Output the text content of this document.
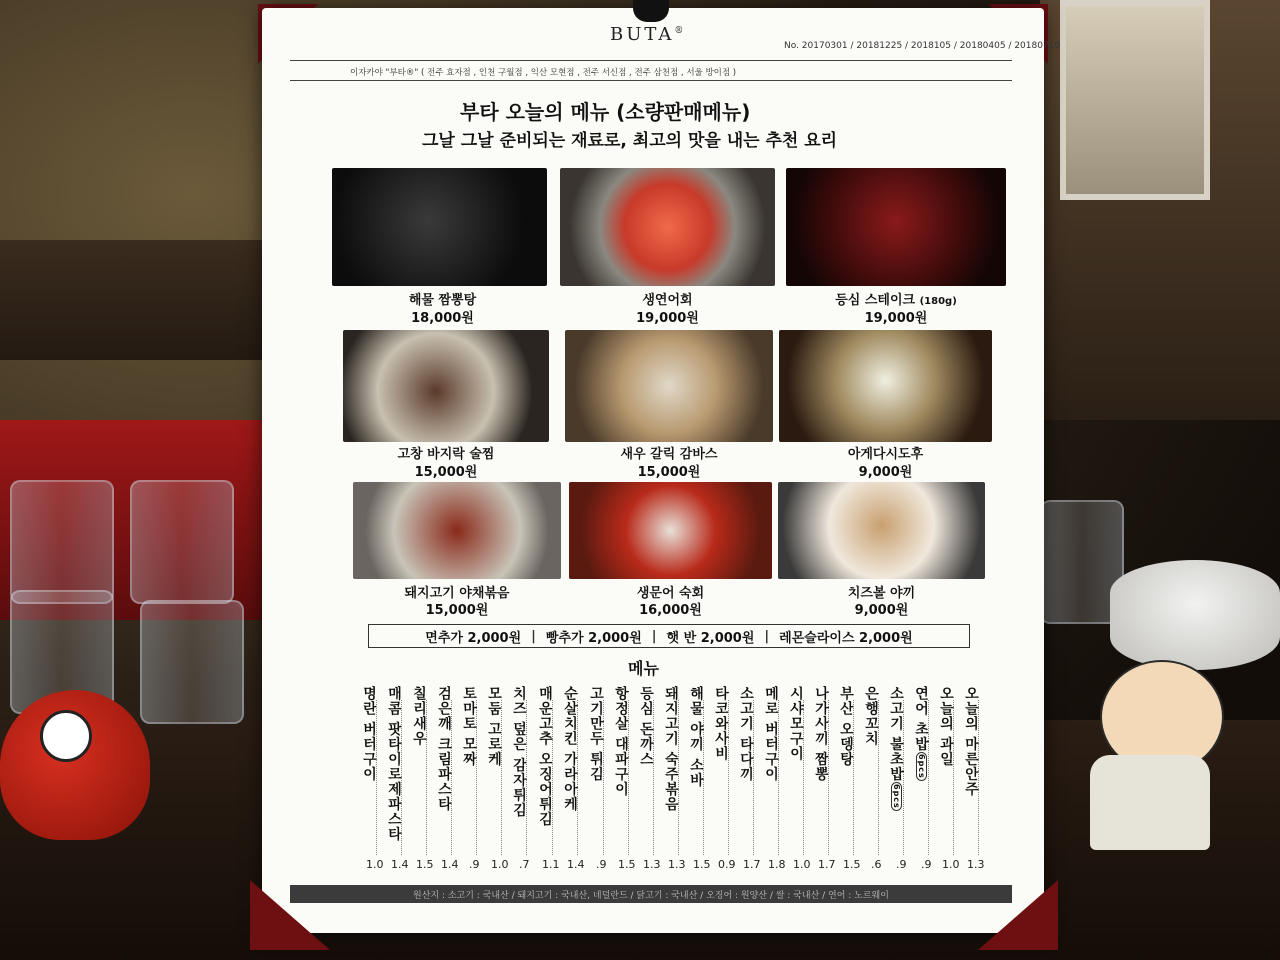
BUTA®
No. 20170301 / 20181225 / 2018105 / 20180405 / 20180710
이자카야 "부타®" ( 전주 효자점 , 인천 구월점 , 익산 모현점 , 전주 서신점 , 전주 삼천점 , 서울 방이점 )
부타 오늘의 메뉴 (소량판매메뉴)
그날 그날 준비되는 재료로, 최고의 맛을 내는 추천 요리
해물 짬뽕탕
18,000원
생연어회
19,000원
등심 스테이크 (180g)
19,000원
고창 바지락 술찜
15,000원
새우 갈릭 감바스
15,000원
아게다시도후
9,000원
돼지고기 야채볶음
15,000원
생문어 숙회
16,000원
치즈볼 야끼
9,000원
면추가 2,000원 | 빵추가 2,000원 | 햇 반 2,000원 | 레몬슬라이스 2,000원
메뉴
명란 버터구이 매콤 팟타이로제파스타 칠리새우 검은깨 크림파스타 토마토 모짜 모둠 고로케 치즈 덮은 감자튀김 매운고추 오징어튀김 순살치킨 가라아케 고기만두 튀김 항정살 대파구이 등심 돈까스 돼지고기 숙주볶음 해물 야끼 소바 타코와사비 소고기 타다끼 메로 버터구이 시샤모구이 나가사끼 짬뽕 부산 오뎅탕 은행꼬치 소고기 불초밥6pcs
연어 초밥6pcs 오늘의 과일 오늘의 마른안주
1.0 1.4 1.5 1.4 .9 1.0 .7 1.1 1.4 .9 1.5 1.3 1.3 1.5 0.9 1.7 1.8 1.0 1.7 1.5 .6 .9 .9 1.0 1.3
원산지 : 소고기 : 국내산 / 돼지고기 : 국내산, 네덜란드 / 닭고기 : 국내산 / 오징어 : 원양산 / 쌀 : 국내산 / 연어 : 노르웨이
